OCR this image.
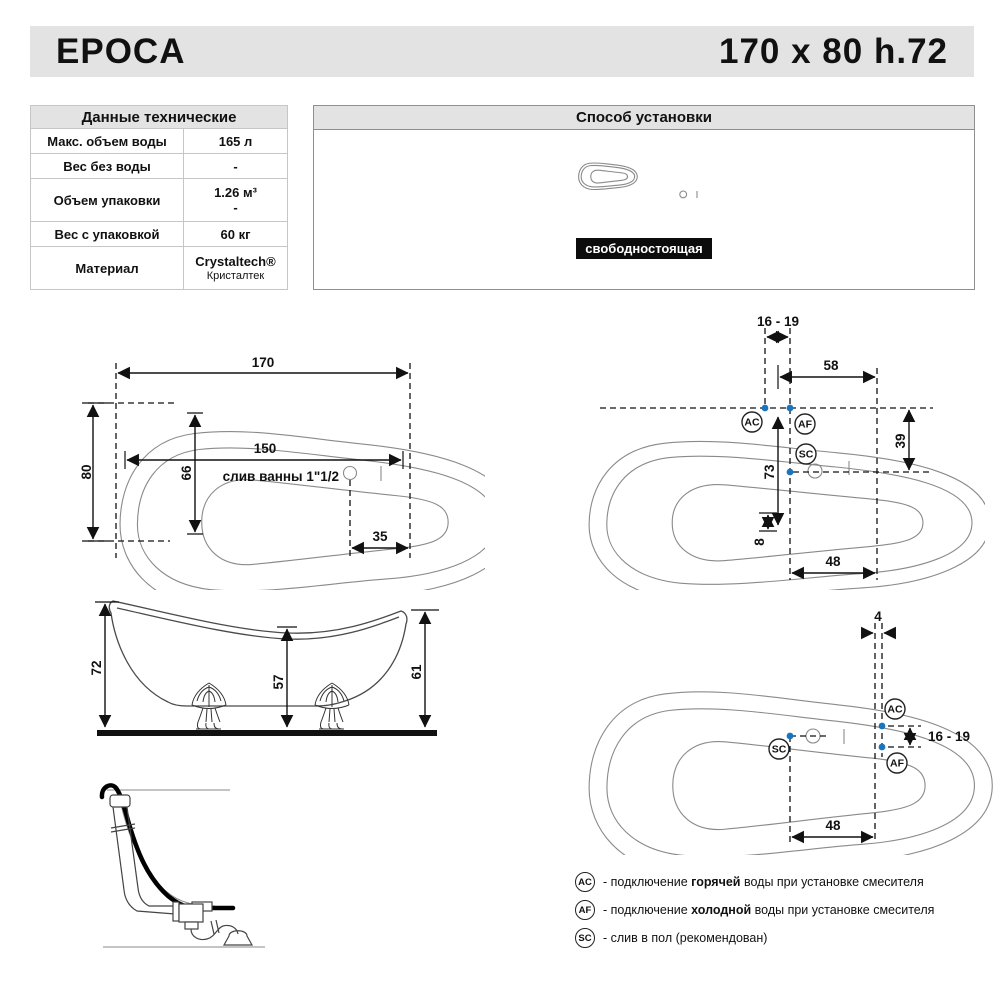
EPOCA	170 x 80 h.72
Данные технические	
Макс. объем воды	165 л
Вес без воды	-
Объем упаковки	1.26 м³
-

Вес с упаковкой	60 кг
Материал	Crystaltech®
Кристалтек
Способ установки
свободностоящая
170
80
150
66 слив ванны 1"1/2
35
72
57
61
16 - 19
58
73
39
8
48
AC	AF
SC
4
16 - 19
48
AC
AF
SC
AC - подключение горячей воды при установке смесителя
AF - подключение холодной воды при установке смесителя
SC - слив в пол (рекомендован)
